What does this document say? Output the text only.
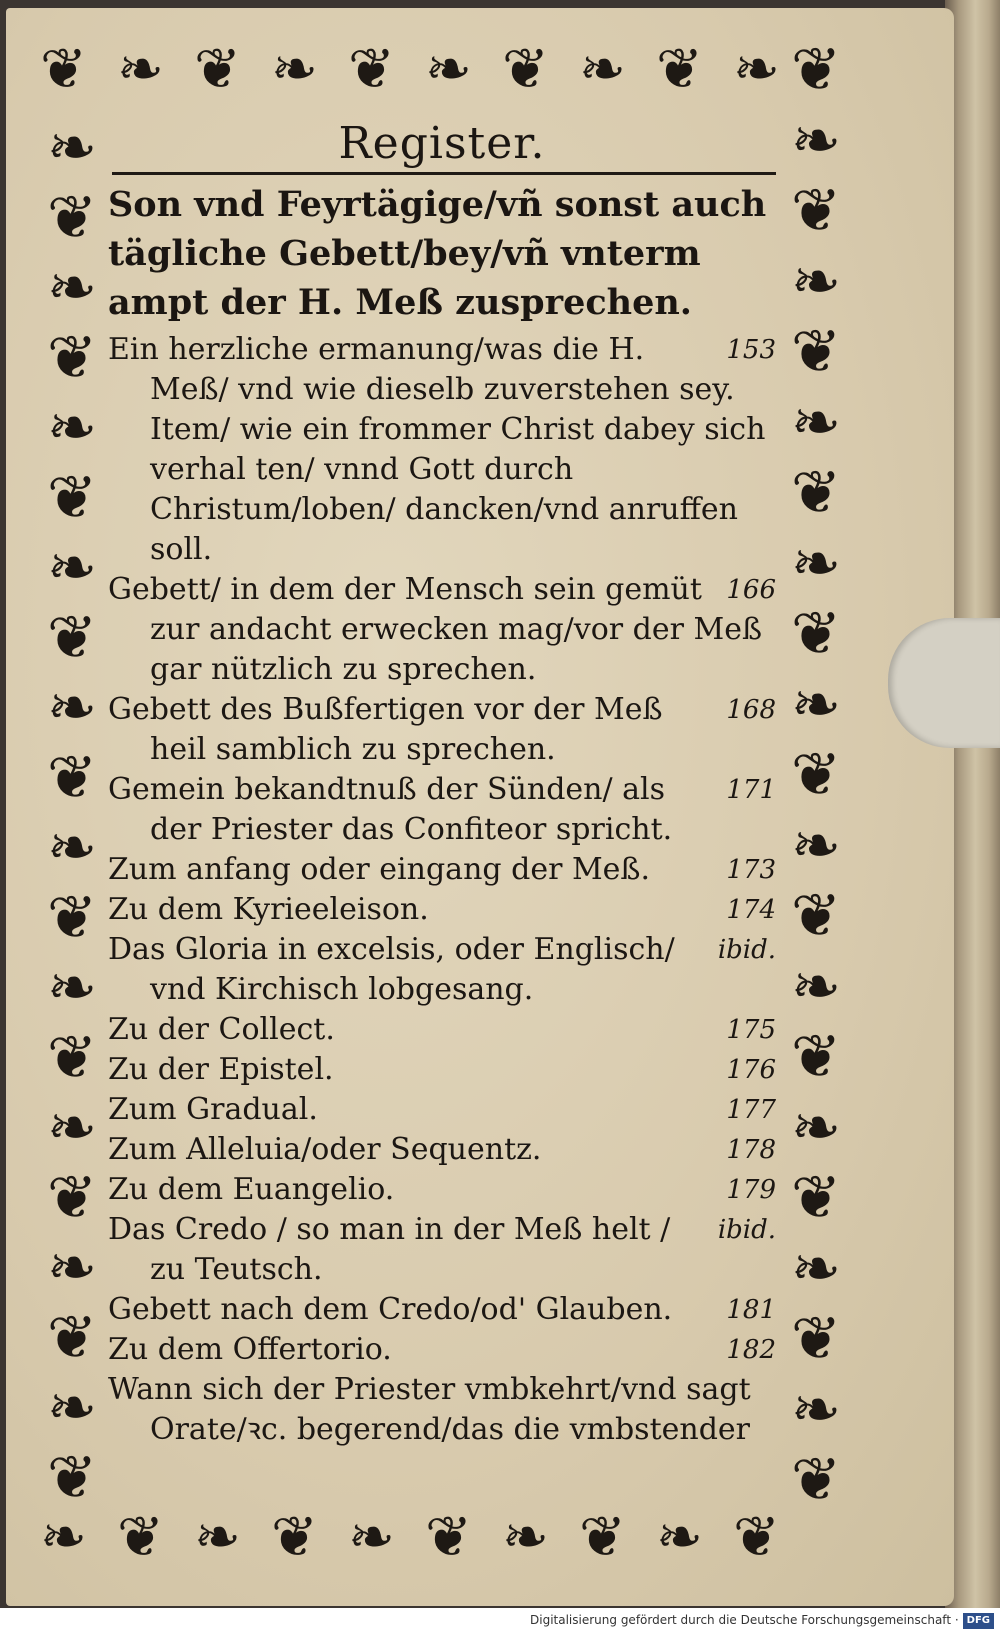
❦ ❧ ❦ ❧ ❦ ❧ ❦ ❧ ❦ ❧
❧ ❦ ❧ ❦ ❧ ❦ ❧ ❦ ❧ ❦
❧
❦
❧
❦
❧
❦
❧
❦
❧
❦
❧
❦
❧
❦
❧
❦
❧
❦
❧
❦
❦
❧
❦
❧
❦
❧
❦
❧
❦
❧
❦
❧
❦
❧
❦
❧
❦
❧
❦
❧
❦
Register.
Son vnd Feyrtägige/vñ sonst auch tägliche Gebett/bey/vñ vnterm ampt der H. Meß zusprechen.
153
Ein herzliche ermanung/was die H. Meß/ vnd wie dieselb zuverstehen sey. Item/ wie ein frommer Christ dabey sich verhal ten/ vnnd Gott durch Christum/loben/ dancken/vnd anruffen soll.
166
Gebett/ in dem der Mensch sein gemüt zur andacht erwecken mag/vor der Meß gar nützlich zu sprechen.
168
Gebett des Bußfertigen vor der Meß heil samblich zu sprechen.
171
Gemein bekandtnuß der Sünden/ als der Priester das Confiteor spricht.
173
Zum anfang oder eingang der Meß.
174
Zu dem Kyrieeleison.
ibid.
Das Gloria in excelsis, oder Englisch/ vnd Kirchisch lobgesang.
175
Zu der Collect.
176
Zu der Epistel.
177
Zum Gradual.
178
Zum Alleluia/oder Sequentz.
179
Zu dem Euangelio.
ibid.
Das Credo / so man in der Meß helt / zu Teutsch.
181
Gebett nach dem Credo/od' Glauben.
182
Zu dem Offertorio.
Wann sich der Priester vmbkehrt/vnd sagt Orate/ꝛc. begerend/das die vmbstender
Digitalisierung gefördert durch die Deutsche Forschungsgemeinschaft · DFG
